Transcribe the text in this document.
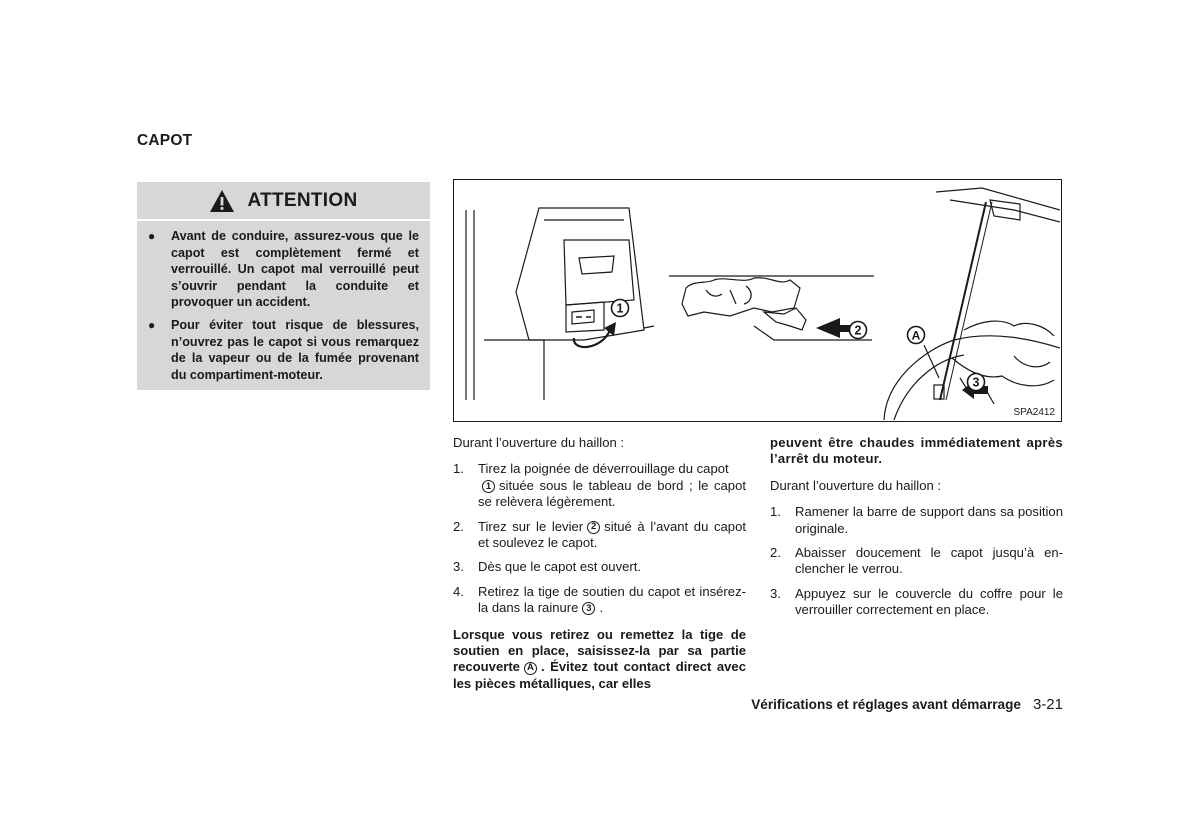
CAPOT
ATTENTION
● Avant de conduire, assurez-vous que le capot est complètement fermé et verrouillé. Un capot mal verrouillé peut s’ouvrir pendant la conduite et provoquer un accident.
● Pour éviter tout risque de blessures, n’ouvrez pas le capot si vous remarquez de la vapeur ou de la fumée provenant du compartiment-moteur.
1
2	A
3
SPA2412

Durant l’ouverture du haillon :

1. Tirez la poignée de déverrouillage du capot
1 située sous le tableau de bord ; le capot se relèvera légèrement.
2. Tirez sur le levier 2 situé à l’avant du capot et soulevez le capot.
3. Dès que le capot est ouvert.
4. Retirez la tige de soutien du capot et insérez-la dans la rainure 3 .

Lorsque vous retirez ou remettez la tige de soutien en place, saisissez-la par sa partie recouverte A . Évitez tout contact direct avec les pièces métalliques, car elles

peuvent être chaudes immédiatement après l’arrêt du moteur.

Durant l’ouverture du haillon :

1. Ramener la barre de support dans sa position originale.
2. Abaisser doucement le capot jusqu’à en-clencher le verrou.
3. Appuyez sur le couvercle du coffre pour le verrouiller correctement en place.
Vérifications et réglages avant démarrage 3-21
